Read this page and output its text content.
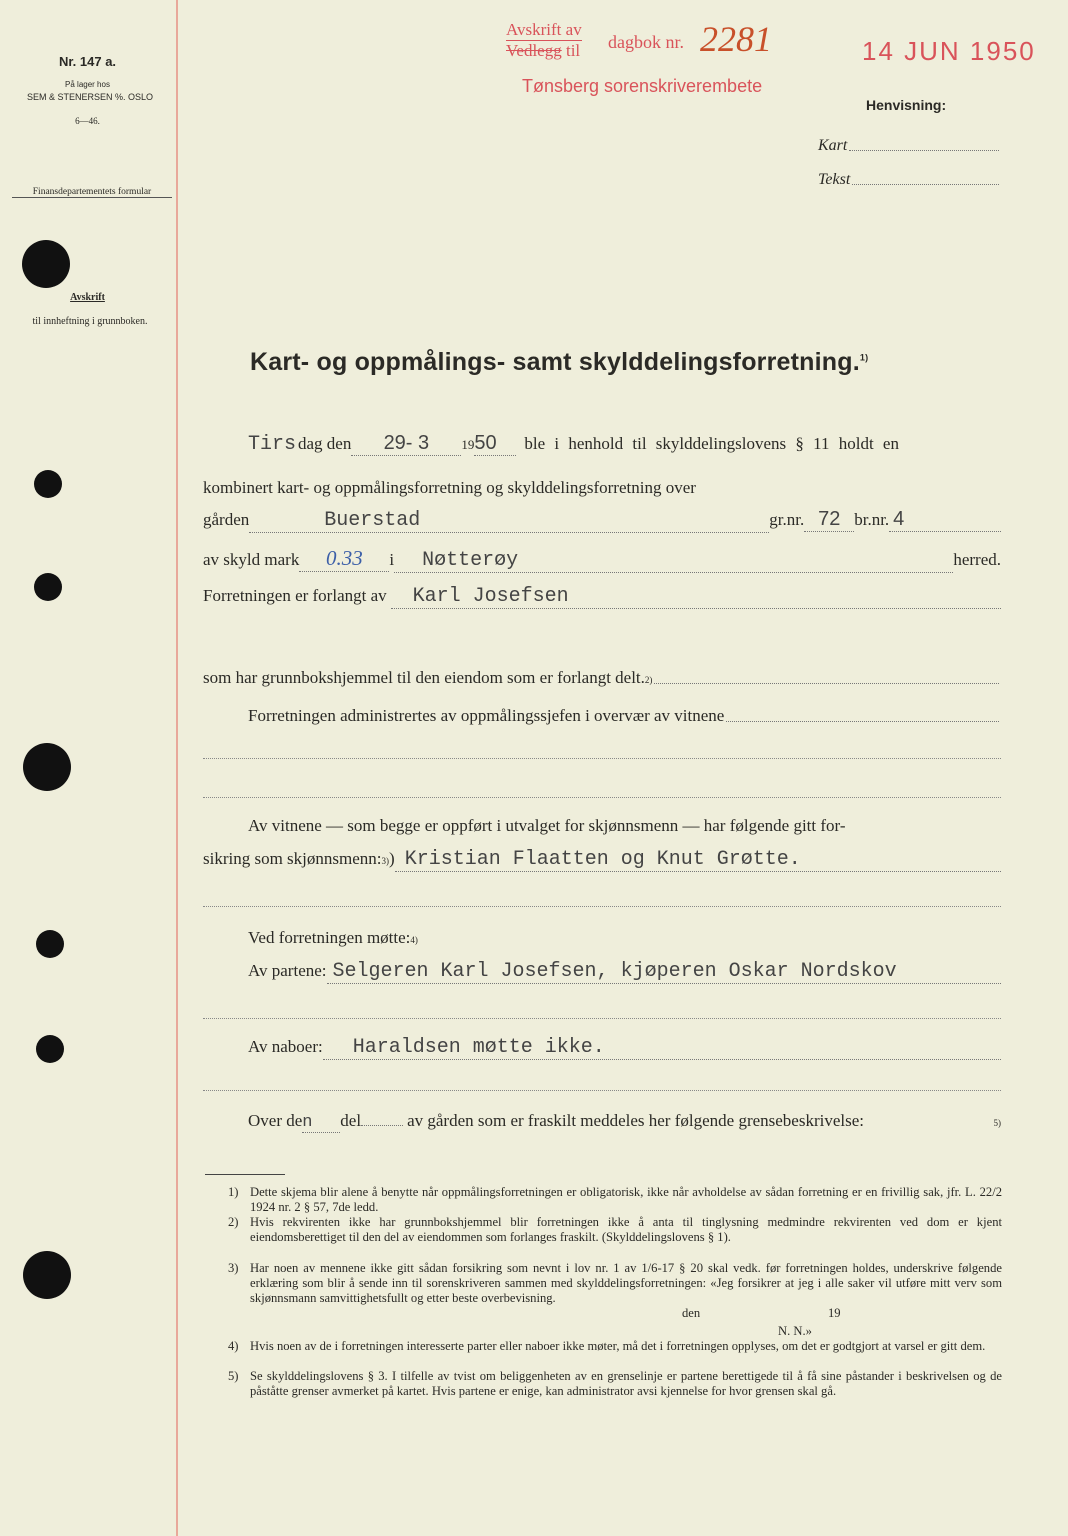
Nr. 147 a.
På lager hos
SEM & STENERSEN %. OSLO
6—46.
Finansdepartementets formular
Avskrift
til innheftning i grunnboken.
Avskrift av
Vedlegg til dagbok nr. 2281
Tønsberg sorenskriverembete
14 JUN 1950
Henvisning:
Kart
Tekst
Kart- og oppmålings- samt skylddelingsforretning.$^{1)}$
Tirs dag den	29- 3	19 50	ble i henhold til skylddelingslovens § 11 holdt en
kombinert kart- og oppmålingsforretning og skylddelingsforretning over
gården	Buerstad	gr.nr. 72 br.nr. 4
av skyld mark	0.33	i	Nøtterøy	herred.
Forretningen er forlangt av	Karl Josefsen
som har grunnbokshjemmel til den eiendom som er forlangt delt. 2)
Forretningen administrertes av oppmålingssjefen i overvær av vitnene
Av vitnene — som begge er oppført i utvalget for skjønnsmenn — har følgende gitt for-
sikring som skjønnsmenn: 3) ) Kristian Flaatten og Knut Grøtte.
Ved forretningen møtte: 4)
Av partene: Selgeren Karl Josefsen, kjøperen Oskar Nordskov
Av naboer:	Haraldsen møtte ikke.
Over de n	del	av gården som er fraskilt meddeles her følgende grensebeskrivelse:	5)
1) Dette skjema blir alene å benytte når oppmålingsforretningen er obligatorisk, ikke når avholdelse av sådan forretning er en frivillig sak, jfr. L. 22/2 1924 nr. 2 § 57, 7de ledd.
2) Hvis rekvirenten ikke har grunnbokshjemmel blir forretningen ikke å anta til tinglysning medmindre rekvirenten ved dom er kjent eiendomsberettiget til den del av eiendommen som forlanges fraskilt. (Skylddelingslovens § 1).
3) Har noen av mennene ikke gitt sådan forsikring som nevnt i lov nr. 1 av 1/6-17 § 20 skal vedk. før forretningen holdes, underskrive følgende erklæring som blir å sende inn til sorenskriveren sammen med skylddelingsforretningen: «Jeg forsikrer at jeg i alle saker vil utføre mitt verv som skjønnsmann samvittighetsfullt og etter beste overbevisning.
den	19
N. N.»
4) Hvis noen av de i forretningen interesserte parter eller naboer ikke møter, må det i forretningen opplyses, om det er godtgjort at varsel er gitt dem.
5) Se skylddelingslovens § 3. I tilfelle av tvist om beliggenheten av en grenselinje er partene berettigede til å få sine påstander i beskrivelsen og de påståtte grenser avmerket på kartet. Hvis partene er enige, kan administrator avsi kjennelse for hvor grensen skal gå.
